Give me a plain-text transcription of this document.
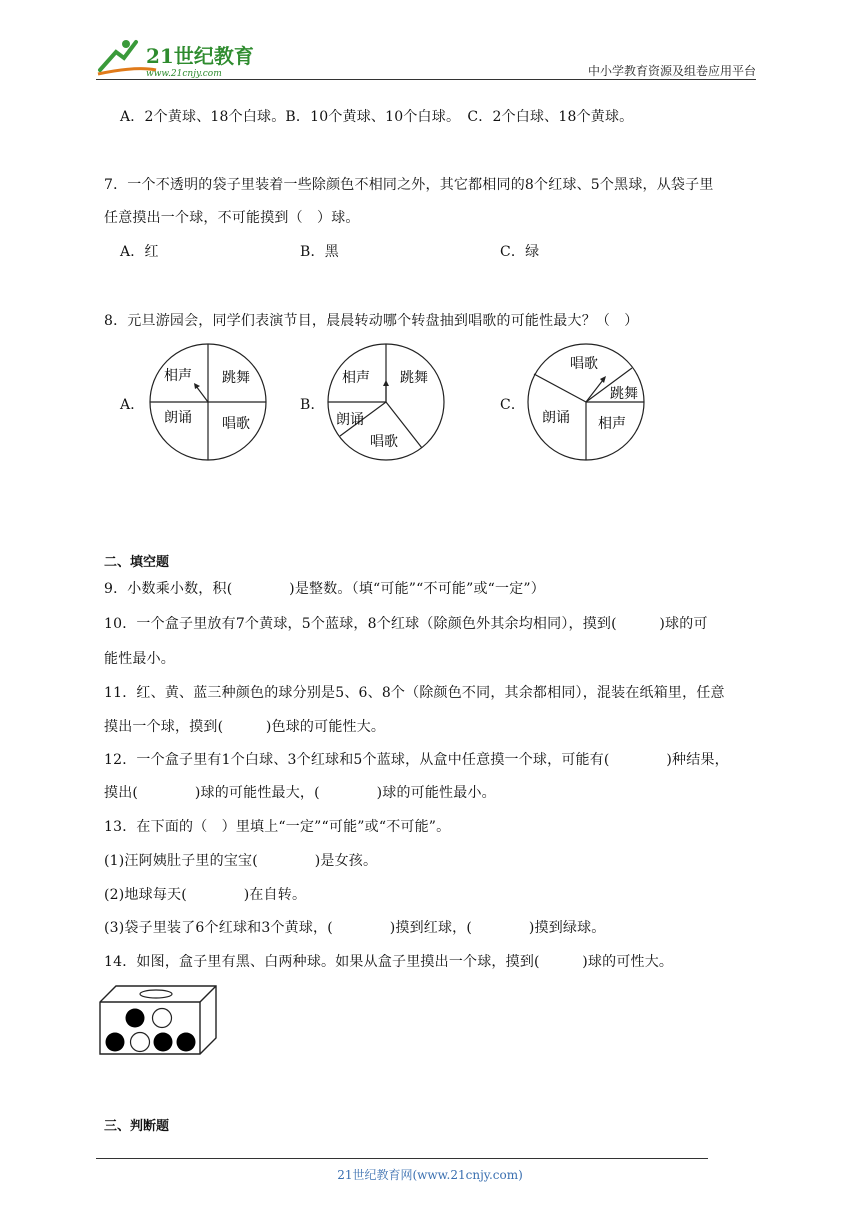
21世纪教育
www.21cnjy.com	中小学教育资源及组卷应用平台
A．2个黄球、18个白球。B．10个黄球、10个白球。　C．2个白球、18个黄球。
7．一个不透明的袋子里装着一些除颜色不相同之外，其它都相同的8个红球、5个黑球，从袋子里
任意摸出一个球，不可能摸到（　）球。
A．红	B．黑	C．绿
8．元旦游园会，同学们表演节目，晨晨转动哪个转盘抽到唱歌的可能性最大？（　）
A．	B．	C．
相声 跳舞
朗诵 唱歌
相声 跳舞
朗诵
唱歌
唱歌
跳舞
朗诵 相声
二、填空题
9．小数乘小数，积(　　　　)是整数。（填“可能”“不可能”或“一定”）
10．一个盒子里放有7个黄球，5个蓝球，8个红球（除颜色外其余均相同），摸到(　　　)球的可
能性最小。
11．红、黄、蓝三种颜色的球分别是5、6、8个（除颜色不同，其余都相同），混装在纸箱里，任意
摸出一个球，摸到(　　　)色球的可能性大。
12．一个盒子里有1个白球、3个红球和5个蓝球，从盒中任意摸一个球，可能有(　　　　)种结果，
摸出(　　　　)球的可能性最大，(　　　　)球的可能性最小。
13．在下面的（　）里填上“一定”“可能”或“不可能”。
(1)汪阿姨肚子里的宝宝(　　　　)是女孩。
(2)地球每天(　　　　)在自转。
(3)袋子里装了6个红球和3个黄球，(　　　　)摸到红球，(　　　　)摸到绿球。
14．如图，盒子里有黑、白两种球。如果从盒子里摸出一个球，摸到(　　　)球的可性大。
三、判断题
21世纪教育网(www.21cnjy.com)
